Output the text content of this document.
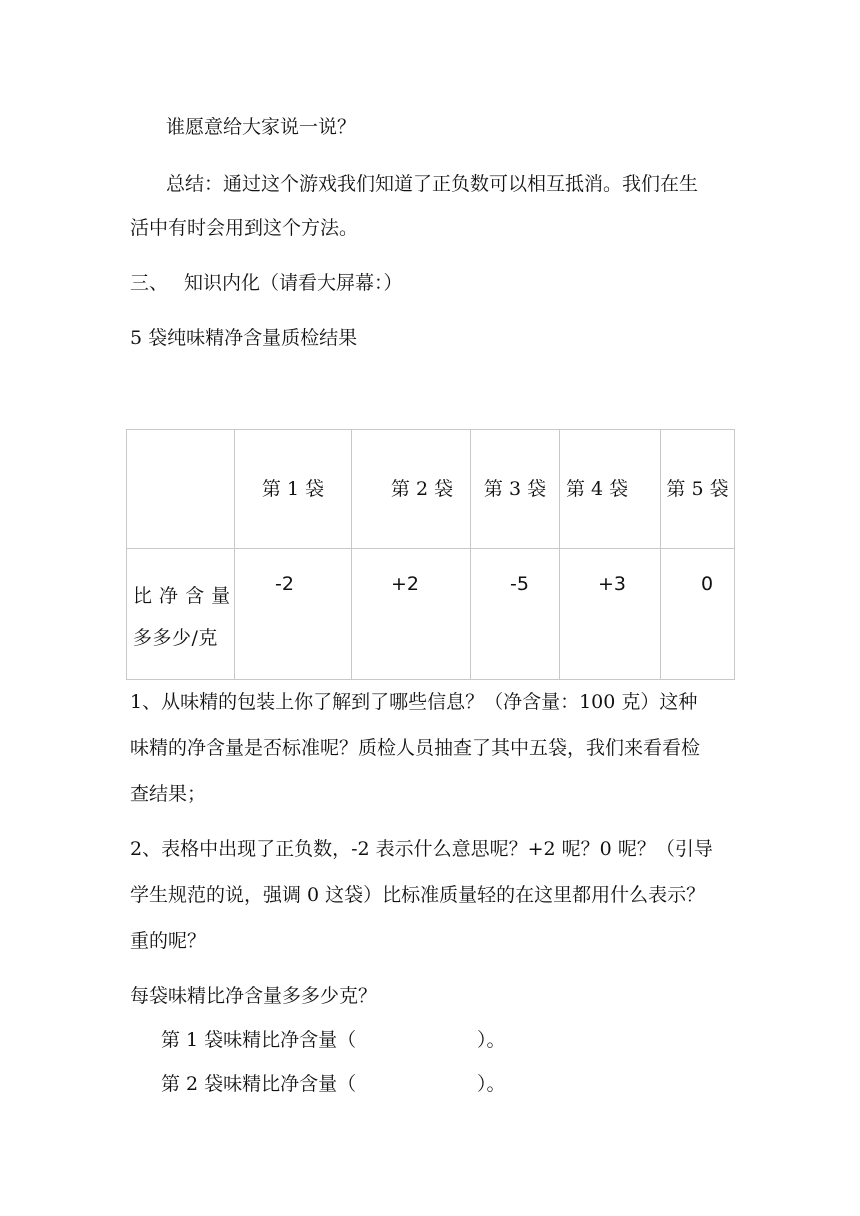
谁愿意给大家说一说？
总结：通过这个游戏我们知道了正负数可以相互抵消。我们在生
活中有时会用到这个方法。
三、 知识内化（请看大屏幕：）
5 袋纯味精净含量质检结果

	第 1 袋	第 2 袋	第 3 袋	第 4 袋	第 5 袋

比 净 含 量
多多少/克	-2	+2	-5	+3	0
1、从味精的包装上你了解到了哪些信息？（净含量：100 克）这种
味精的净含量是否标准呢？质检人员抽查了其中五袋，我们来看看检
查结果；
2、表格中出现了正负数，-2 表示什么意思呢？+2 呢？0 呢？（引导
学生规范的说，强调 0 这袋）比标准质量轻的在这里都用什么表示？
重的呢？
每袋味精比净含量多多少克？
第 1 袋味精比净含量（                    ）。
第 2 袋味精比净含量（                    ）。
